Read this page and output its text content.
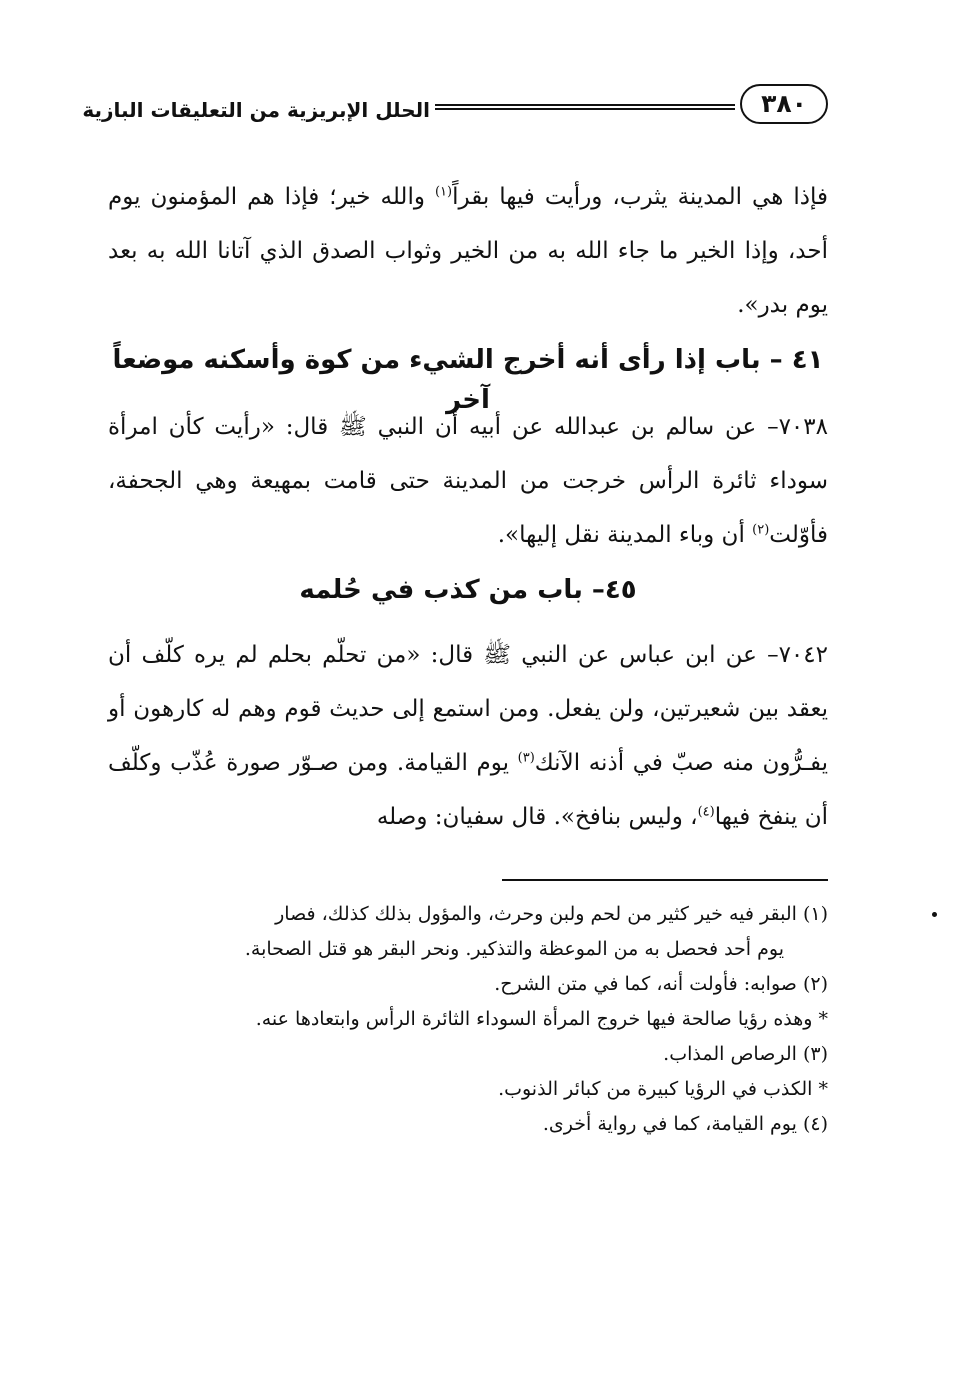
الحلل الإبريزية من التعليقات البازية	٣٨٠
فإذا هي المدينة يثرب، ورأيت فيها بقراً$^{(١)}$ والله خير؛ فإذا هم المؤمنون يوم أحد، وإذا الخير ما جاء الله به من الخير وثواب الصدق الذي آتانا الله به بعد يوم بدر».
٤١ – باب إذا رأى أنه أخرج الشيء من كوة وأسكنه موضعاً آخر
٧٠٣٨– عن سالم بن عبدالله عن أبيه أن النبي ﷺ قال: «رأيت كأن امرأة سوداء ثائرة الرأس خرجت من المدينة حتى قامت بمهيعة وهي الجحفة، فأوّلت$^{(٢)}$ أن وباء المدينة نقل إليها».
٤٥– باب من كذب في حُلمه
٧٠٤٢– عن ابن عباس عن النبي ﷺ قال: «من تحلّم بحلم لم يره كلّف أن يعقد بين شعيرتين، ولن يفعل. ومن استمع إلى حديث قوم وهم له كارهون أو يفـرُّون منه صبّ في أذنه الآنك$^{(٣)}$ يوم القيامة. ومن صـوّر صورة عُذّب وكلّف أن ينفخ فيها$^{(٤)}$، وليس بنافخ». قال سفيان: وصله
(١) البقر فيه خير كثير من لحم ولبن وحرث، والمؤول بذلك كذلك، فصار
يوم أحد فحصل به من الموعظة والتذكير. ونحر البقر هو قتل الصحابة.
(٢) صوابه: فأولت أنه، كما في متن الشرح.
* وهذه رؤيا صالحة فيها خروج المرأة السوداء الثائرة الرأس وابتعادها عنه.
(٣) الرصاص المذاب.
* الكذب في الرؤيا كبيرة من كبائر الذنوب.
(٤) يوم القيامة، كما في رواية أخرى.
